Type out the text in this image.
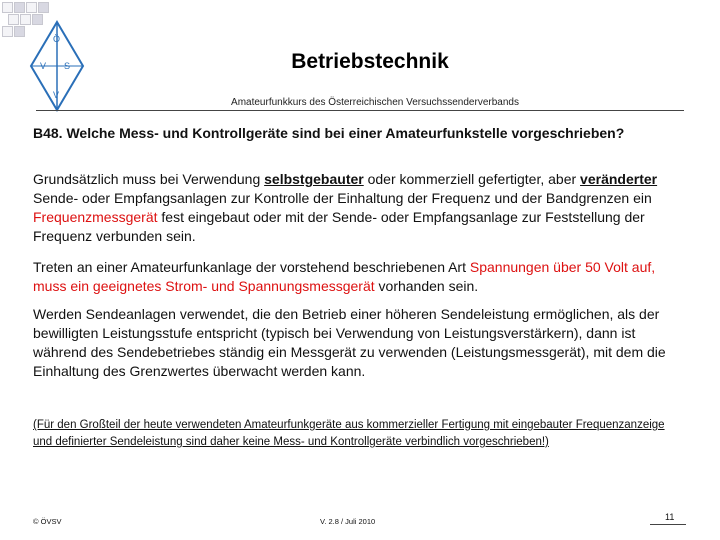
Ö
V S
V
Betriebstechnik
Amateurfunkkurs des Österreichischen Versuchssenderverbands
B48. Welche Mess- und Kontrollgeräte sind bei einer Amateurfunkstelle vorgeschrieben?
Grundsätzlich muss bei Verwendung selbstgebauter oder kommerziell gefertigter, aber veränderter Sende- oder Empfangsanlagen zur Kontrolle der Einhaltung der Frequenz und der Bandgrenzen ein Frequenzmessgerät fest eingebaut oder mit der Sende- oder Empfangsanlage zur Feststellung der Frequenz verbunden sein.
Treten an einer Amateurfunkanlage der vorstehend beschriebenen Art Spannungen über 50 Volt auf, muss ein geeignetes Strom- und Spannungsmessgerät vorhanden sein.
Werden Sendeanlagen verwendet, die den Betrieb einer höheren Sendeleistung ermöglichen, als der bewilligten Leistungsstufe entspricht (typisch bei Verwendung von Leistungsverstärkern), dann ist während des Sendebetriebes ständig ein Messgerät zu verwenden (Leistungsmessgerät), mit dem die Einhaltung des Grenzwertes überwacht werden kann.
(Für den Großteil der heute verwendeten Amateurfunkgeräte aus kommerzieller Fertigung mit eingebauter Frequenzanzeige und definierter Sendeleistung sind daher keine Mess- und Kontrollgeräte verbindlich vorgeschrieben!)
© ÖVSV	V. 2.8 / Juli 2010	11
